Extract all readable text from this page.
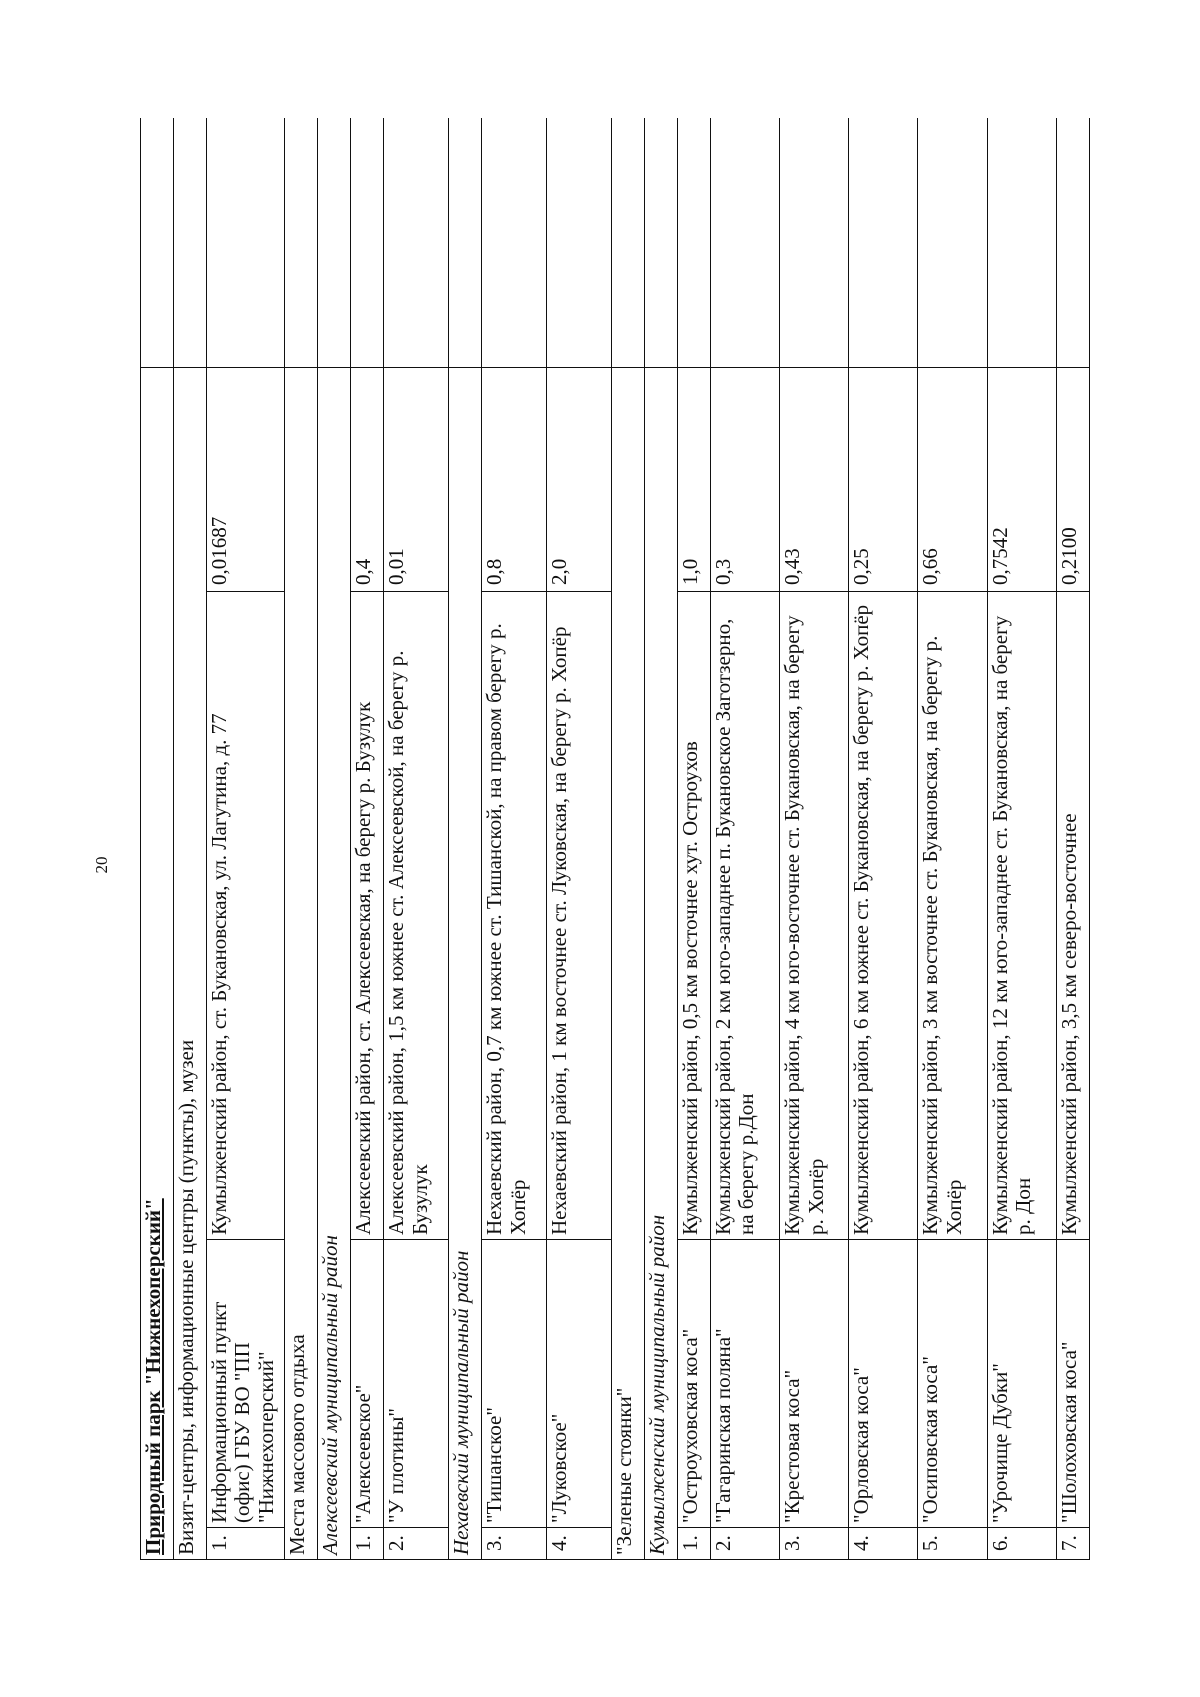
20
Природный парк "Нижнехоперский"				
Визит-центры, информационные центры (пункты), музеи				
1.	Информационный пункт (офис) ГБУ ВО "ПП "Нижнехоперский"	Кумылженский район, ст. Букановская, ул. Лагутина, д. 77	0,01687	
Места массового отдыха				
Алексеевский муниципальный район				
1.	"Алексеевское"	Алексеевский район, ст. Алексеевская, на берегу р. Бузулук	0,4	
2.	"У плотины"	Алексеевский район, 1,5 км южнее ст. Алексеевской, на берегу р. Бузулук	0,01	
Нехаевский муниципальный район				
3.	"Тишанское"	Нехаевский район, 0,7 км южнее ст. Тишанской, на правом берегу р. Хопёр	0,8	
4.	"Луковское"	Нехаевский район, 1 км восточнее ст. Луковская, на берегу р. Хопёр	2,0	
"Зеленые стоянки"				
Кумылженский муниципальный район				
1.	"Остроуховская коса"	Кумылженский район, 0,5 км восточнее хут. Остроухов	1,0	
2.	"Гагаринская поляна"	Кумылженский район, 2 км юго-западнее п. Букановское Заготзерно, на берегу р.Дон	0,3	
3.	"Крестовая коса"	Кумылженский район, 4 км юго-восточнее ст. Букановская, на берегу р. Хопёр	0,43	
4.	"Орловская коса"	Кумылженский район, 6 км южнее ст. Букановская, на берегу р. Хопёр	0,25	
5.	"Осиповская коса"	Кумылженский район, 3 км восточнее ст. Букановская, на берегу р. Хопёр	0,66	
6.	"Урочище Дубки"	Кумылженский район, 12 км юго-западнее ст. Букановская, на берегу р. Дон	0,7542	
7.	"Шолоховская коса"	Кумылженский район, 3,5 км северо-восточнее	0,2100	
